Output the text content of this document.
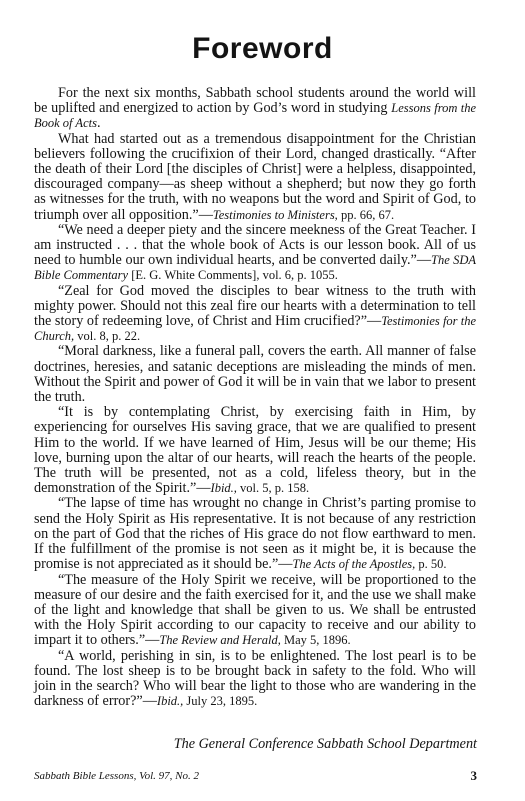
Foreword

For the next six months, Sabbath school students around the world will be uplifted and energized to action by God’s word in studying Lessons from the Book of Acts.

What had started out as a tremendous disappointment for the Christian believers following the crucifixion of their Lord, changed drastically. “After the death of their Lord [the disciples of Christ] were a helpless, disappointed, discouraged company—as sheep without a shepherd; but now they go forth as witnesses for the truth, with no weapons but the word and Spirit of God, to triumph over all opposition.”—Testimonies to Ministers, pp. 66, 67.

“We need a deeper piety and the sincere meekness of the Great Teacher. I am instructed . . . that the whole book of Acts is our lesson book. All of us need to humble our own individual hearts, and be converted daily.”—The SDA Bible Commentary [E. G. White Comments], vol. 6, p. 1055.

“Zeal for God moved the disciples to bear witness to the truth with mighty power. Should not this zeal fire our hearts with a determination to tell the story of redeeming love, of Christ and Him crucified?”—Testimonies for the Church, vol. 8, p. 22.

“Moral darkness, like a funeral pall, covers the earth. All manner of false doctrines, heresies, and satanic deceptions are misleading the minds of men. Without the Spirit and power of God it will be in vain that we labor to present the truth.

“It is by contemplating Christ, by exercising faith in Him, by experiencing for ourselves His saving grace, that we are qualified to present Him to the world. If we have learned of Him, Jesus will be our theme; His love, burning upon the altar of our hearts, will reach the hearts of the people. The truth will be presented, not as a cold, lifeless theory, but in the demonstration of the Spirit.”—Ibid., vol. 5, p. 158.

“The lapse of time has wrought no change in Christ’s parting promise to send the Holy Spirit as His representative. It is not because of any restriction on the part of God that the riches of His grace do not flow earthward to men. If the fulfillment of the promise is not seen as it might be, it is because the promise is not appreciated as it should be.”—The Acts of the Apostles, p. 50.

“The measure of the Holy Spirit we receive, will be proportioned to the measure of our desire and the faith exercised for it, and the use we shall make of the light and knowledge that shall be given to us. We shall be entrusted with the Holy Spirit according to our capacity to receive and our ability to impart it to others.”—The Review and Herald, May 5, 1896.

“A world, perishing in sin, is to be enlightened. The lost pearl is to be found. The lost sheep is to be brought back in safety to the fold. Who will join in the search? Who will bear the light to those who are wandering in the darkness of error?”—Ibid., July 23, 1895.

The General Conference Sabbath School Department
Sabbath Bible Lessons, Vol. 97, No. 2	3
